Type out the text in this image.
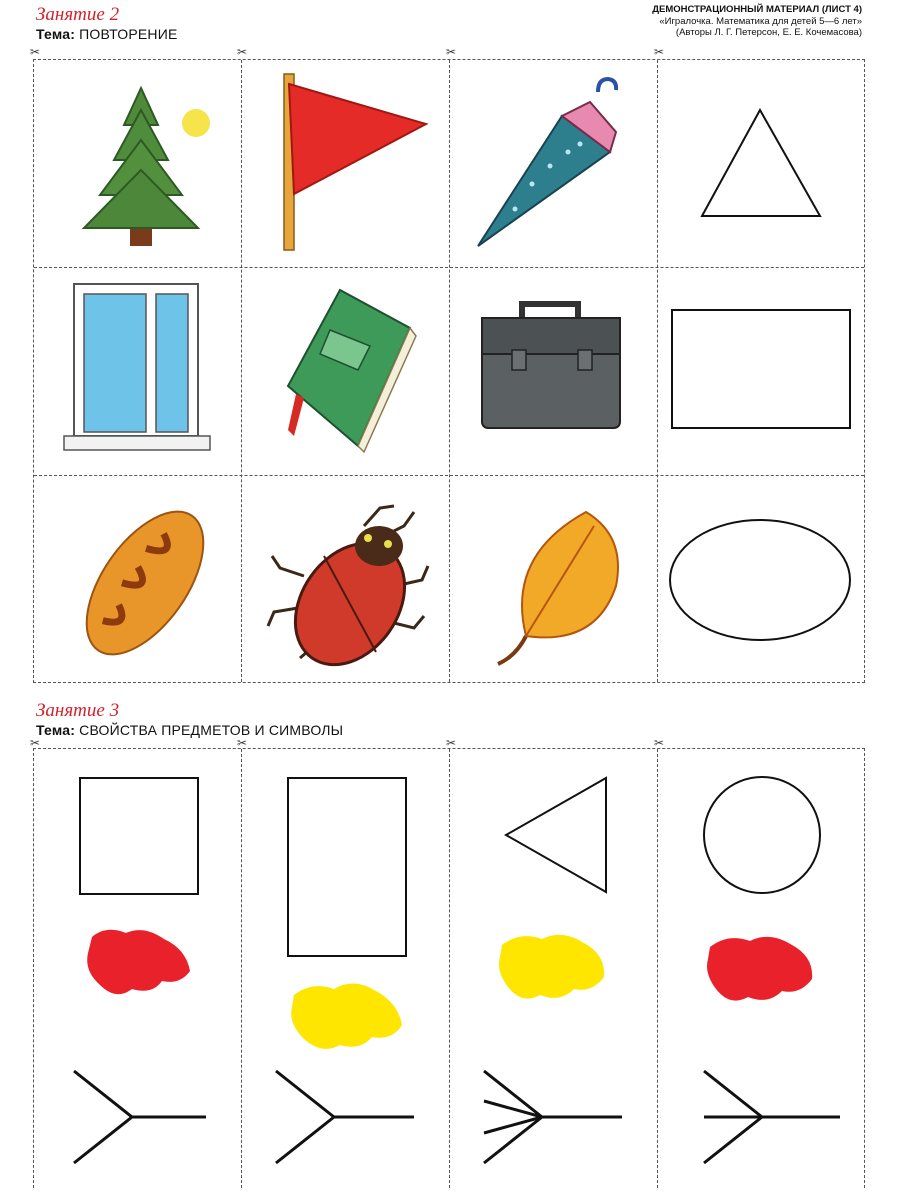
Занятие 2
Тема: ПОВТОРЕНИЕ
ДЕМОНСТРАЦИОННЫЙ МАТЕРИАЛ (ЛИСТ 4)
«Игралочка. Математика для детей 5—6 лет»
(Авторы Л. Г. Петерсон, Е. Е. Кочемасова)
✂	✂	✂	✂
Занятие 3
Тема: СВОЙСТВА ПРЕДМЕТОВ И СИМВОЛЫ
✂	✂	✂	✂
